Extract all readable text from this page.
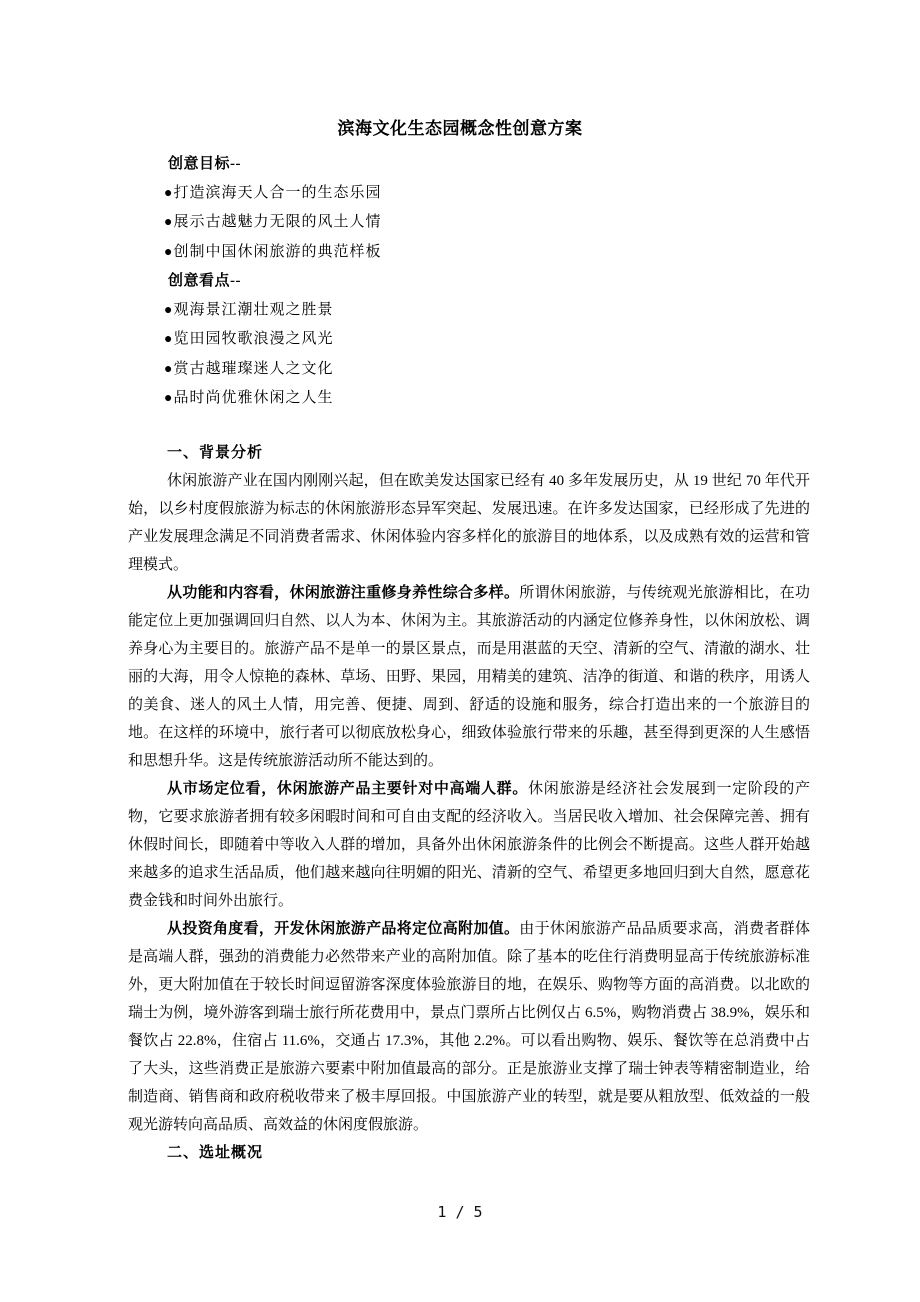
滨海文化生态园概念性创意方案
创意目标--
●打造滨海天人合一的生态乐园
●展示古越魅力无限的风土人情
●创制中国休闲旅游的典范样板
创意看点--
●观海景江潮壮观之胜景
●览田园牧歌浪漫之风光
●赏古越璀璨迷人之文化
●品时尚优雅休闲之人生
一、背景分析

休闲旅游产业在国内刚刚兴起，但在欧美发达国家已经有 40 多年发展历史，从 19 世纪 70 年代开始，以乡村度假旅游为标志的休闲旅游形态异军突起、发展迅速。在许多发达国家，已经形成了先进的产业发展理念满足不同消费者需求、休闲体验内容多样化的旅游目的地体系，以及成熟有效的运营和管理模式。

从功能和内容看，休闲旅游注重修身养性综合多样。所谓休闲旅游，与传统观光旅游相比，在功能定位上更加强调回归自然、以人为本、休闲为主。其旅游活动的内涵定位修养身性，以休闲放松、调养身心为主要目的。旅游产品不是单一的景区景点，而是用湛蓝的天空、清新的空气、清澈的湖水、壮丽的大海，用令人惊艳的森林、草场、田野、果园，用精美的建筑、洁净的街道、和谐的秩序，用诱人的美食、迷人的风土人情，用完善、便捷、周到、舒适的设施和服务，综合打造出来的一个旅游目的地。在这样的环境中，旅行者可以彻底放松身心，细致体验旅行带来的乐趣，甚至得到更深的人生感悟和思想升华。这是传统旅游活动所不能达到的。

从市场定位看，休闲旅游产品主要针对中高端人群。休闲旅游是经济社会发展到一定阶段的产物，它要求旅游者拥有较多闲暇时间和可自由支配的经济收入。当居民收入增加、社会保障完善、拥有休假时间长，即随着中等收入人群的增加，具备外出休闲旅游条件的比例会不断提高。这些人群开始越来越多的追求生活品质，他们越来越向往明媚的阳光、清新的空气、希望更多地回归到大自然，愿意花费金钱和时间外出旅行。

从投资角度看，开发休闲旅游产品将定位高附加值。由于休闲旅游产品品质要求高，消费者群体是高端人群，强劲的消费能力必然带来产业的高附加值。除了基本的吃住行消费明显高于传统旅游标准外，更大附加值在于较长时间逗留游客深度体验旅游目的地，在娱乐、购物等方面的高消费。以北欧的瑞士为例，境外游客到瑞士旅行所花费用中，景点门票所占比例仅占 6.5%，购物消费占 38.9%，娱乐和餐饮占 22.8%，住宿占 11.6%，交通占 17.3%，其他 2.2%。可以看出购物、娱乐、餐饮等在总消费中占了大头，这些消费正是旅游六要素中附加值最高的部分。正是旅游业支撑了瑞士钟表等精密制造业，给制造商、销售商和政府税收带来了极丰厚回报。中国旅游产业的转型，就是要从粗放型、低效益的一般观光游转向高品质、高效益的休闲度假旅游。

二、选址概况
1 / 5
